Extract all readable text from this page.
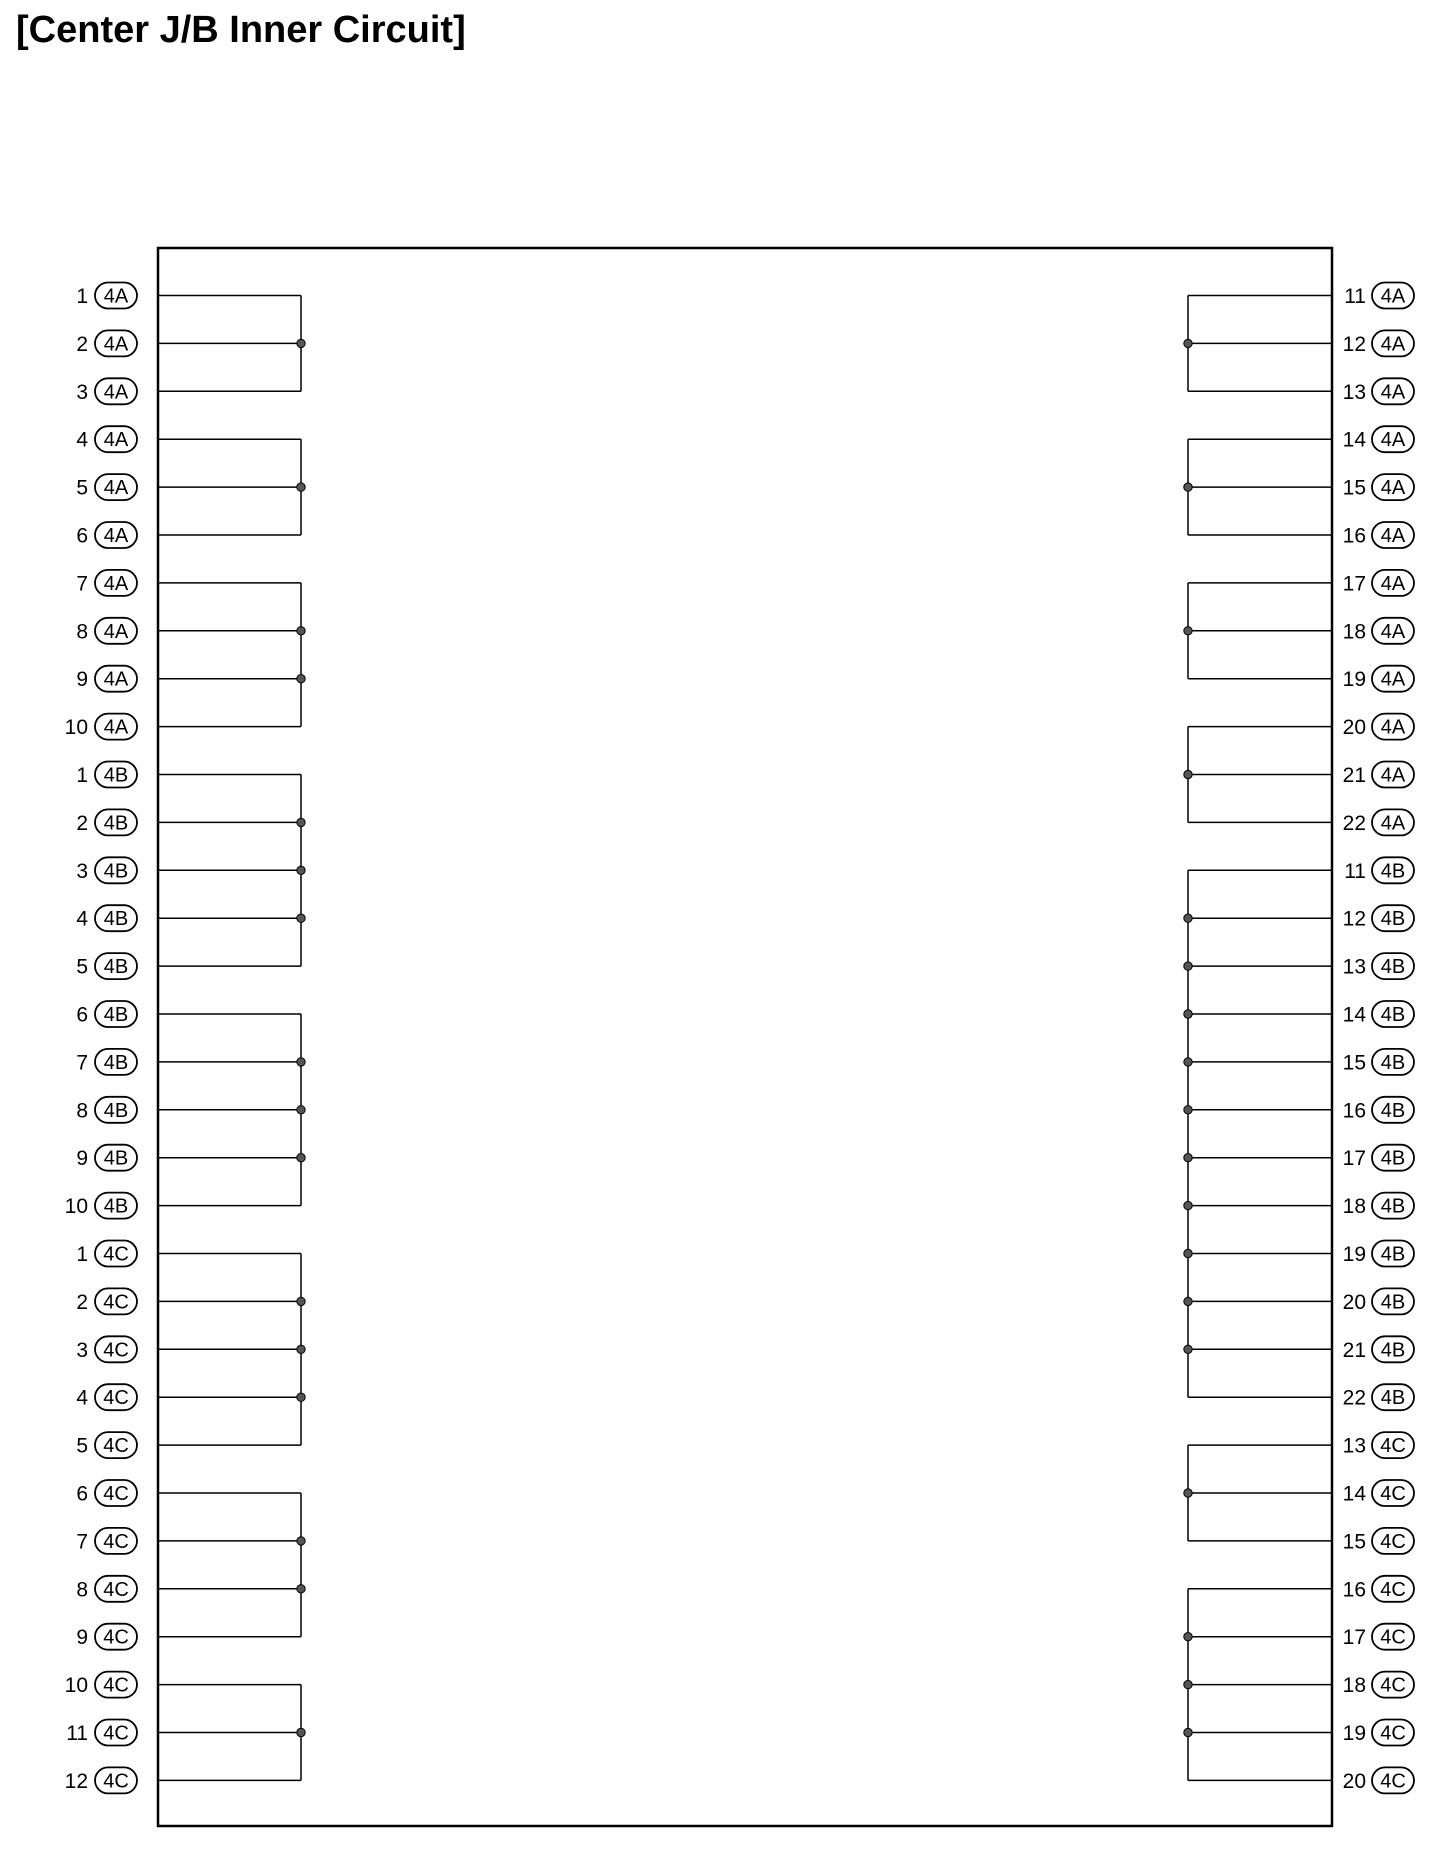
[Center J/B Inner Circuit]
1 4A
2 4A
3 4A
4 4A
5 4A
6 4A
7 4A
8 4A
9 4A
10 4A
1 4B
2 4B
3 4B
4 4B
5 4B
6 4B
7 4B
8 4B
9 4B
10 4B
1 4C
2 4C
3 4C
4 4C
5 4C
6 4C
7 4C
8 4C
9 4C
10 4C
11 4C
12 4C
11 4A
12 4A
13 4A
14 4A
15 4A
16 4A
17 4A
18 4A
19 4A
20 4A
21 4A
22 4A
11 4B
12 4B
13 4B
14 4B
15 4B
16 4B
17 4B
18 4B
19 4B
20 4B
21 4B
22 4B
13 4C
14 4C
15 4C
16 4C
17 4C
18 4C
19 4C
20 4C
